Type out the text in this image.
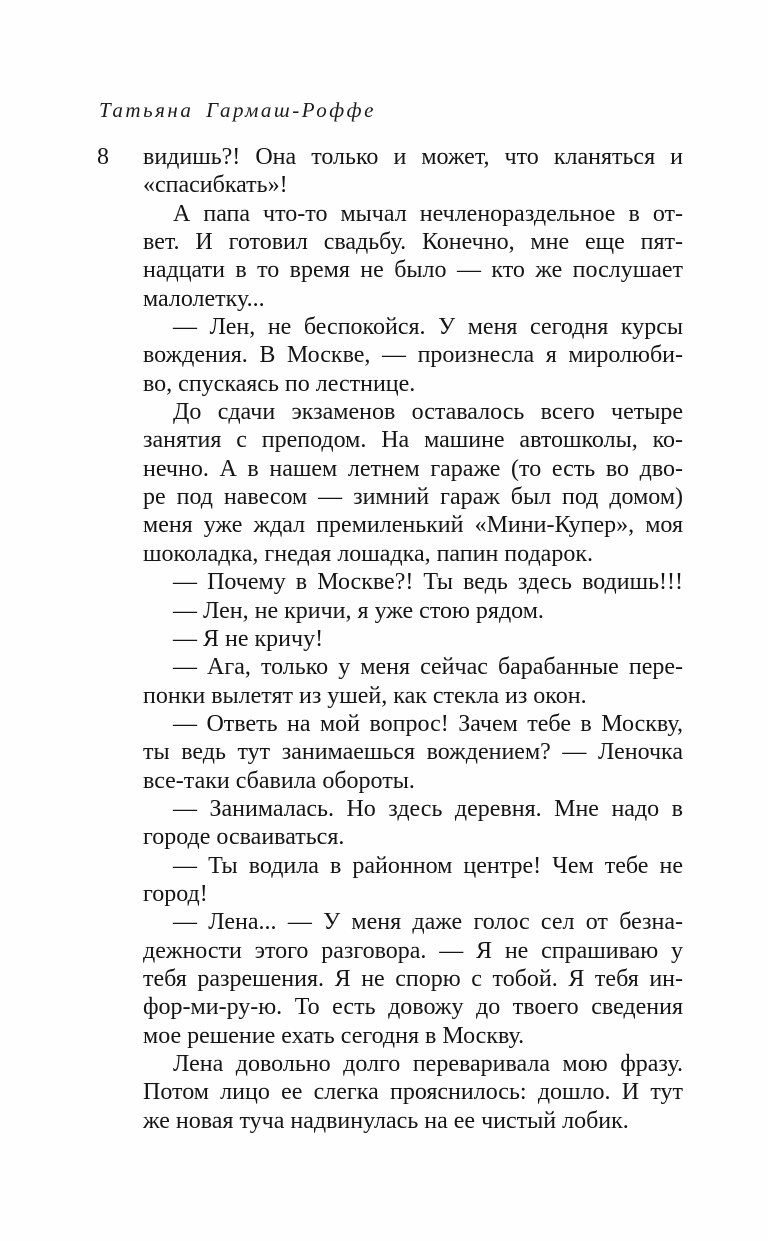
Татьяна Гармаш-Роффе
8 видишь?! Она только и может, что кланяться и
«спасибкать»!
А папа что-то мычал нечленораздельное в от-
вет. И готовил свадьбу. Конечно, мне еще пят-
надцати в то время не было — кто же послушает
малолетку...
— Лен, не беспокойся. У меня сегодня курсы
вождения. В Москве, — произнесла я миролюби-
во, спускаясь по лестнице.
До сдачи экзаменов оставалось всего четыре
занятия с преподом. На машине автошколы, ко-
нечно. А в нашем летнем гараже (то есть во дво-
ре под навесом — зимний гараж был под домом)
меня уже ждал премиленький «Мини-Купер», моя
шоколадка, гнедая лошадка, папин подарок.
— Почему в Москве?! Ты ведь здесь водишь!!!
— Лен, не кричи, я уже стою рядом.
— Я не кричу!
— Ага, только у меня сейчас барабанные пере-
понки вылетят из ушей, как стекла из окон.
— Ответь на мой вопрос! Зачем тебе в Москву,
ты ведь тут занимаешься вождением? — Леночка
все-таки сбавила обороты.
— Занималась. Но здесь деревня. Мне надо в
городе осваиваться.
— Ты водила в районном центре! Чем тебе не
город!
— Лена... — У меня даже голос сел от безна-
дежности этого разговора. — Я не спрашиваю у
тебя разрешения. Я не спорю с тобой. Я тебя ин-
фор-ми-ру-ю. То есть довожу до твоего сведения
мое решение ехать сегодня в Москву.
Лена довольно долго переваривала мою фразу.
Потом лицо ее слегка прояснилось: дошло. И тут
же новая туча надвинулась на ее чистый лобик.
